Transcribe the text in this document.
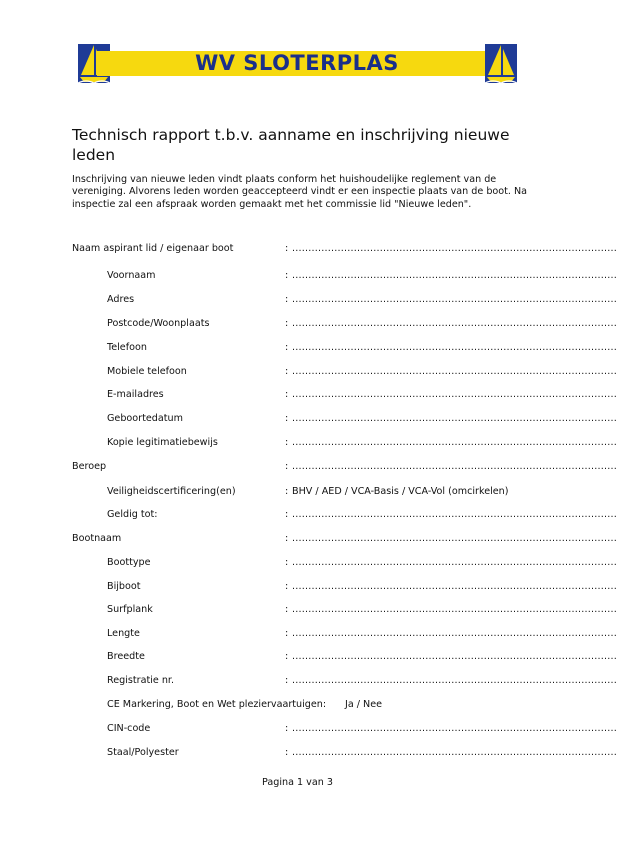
WV SLOTERPLAS
Technisch rapport t.b.v. aanname en inschrijving nieuwe leden
Inschrijving van nieuwe leden vindt plaats conform het huishoudelijke reglement van de vereniging. Alvorens leden worden geaccepteerd vindt er een inspectie plaats van de boot. Na inspectie zal een afspraak worden gemaakt met het commissie lid "Nieuwe leden".
Naam aspirant lid / eigenaar boot	: ....................................................................................................
Voornaam	: ....................................................................................................
Adres	: ....................................................................................................
Postcode/Woonplaats	: ....................................................................................................
Telefoon	: ....................................................................................................
Mobiele telefoon	: ....................................................................................................
E-mailadres	: ....................................................................................................
Geboortedatum	: ....................................................................................................
Kopie legitimatiebewijs	: ....................................................................................................
Beroep	: ....................................................................................................
Veiligheidscertificering(en)	: BHV / AED / VCA-Basis / VCA-Vol (omcirkelen)
Geldig tot:	: ....................................................................................................
Bootnaam	: ....................................................................................................
Boottype	: ....................................................................................................
Bijboot	: ....................................................................................................
Surfplank	: ....................................................................................................
Lengte	: ....................................................................................................
Breedte	: ....................................................................................................
Registratie nr.	: ....................................................................................................
CE Markering, Boot en Wet pleziervaartuigen: Ja / Nee
CIN-code	: ....................................................................................................
Staal/Polyester	: ....................................................................................................
Pagina 1 van 3
